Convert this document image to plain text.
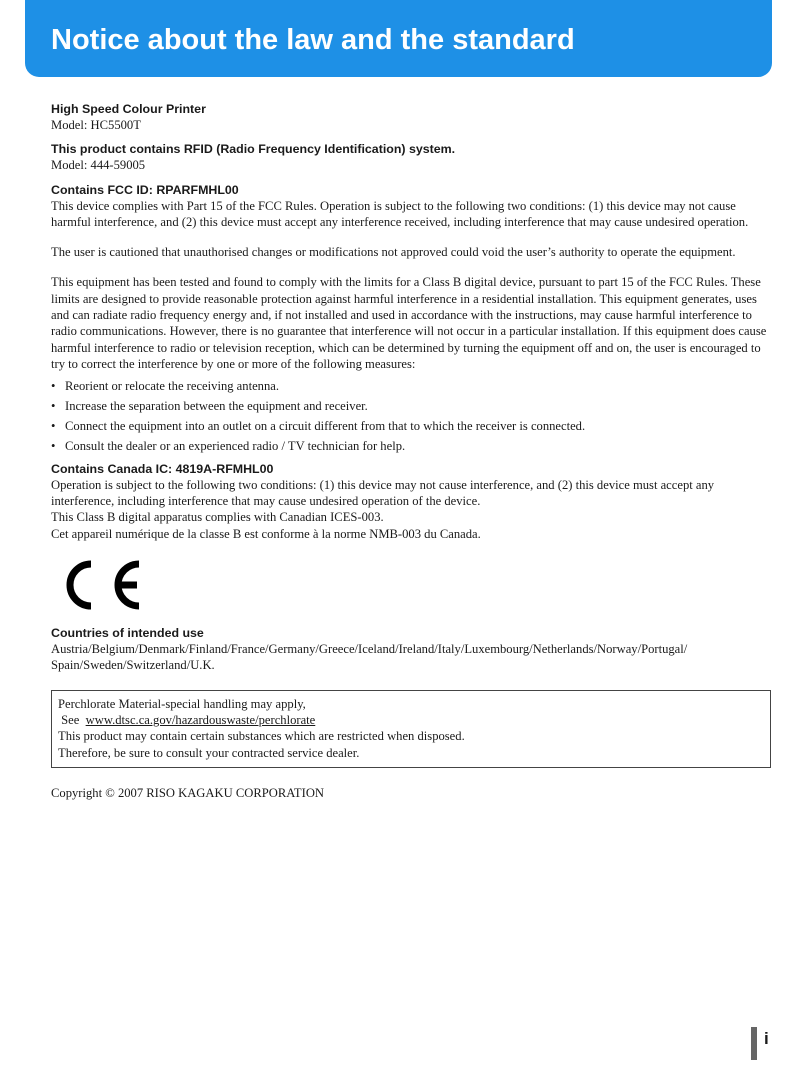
Notice about the law and the standard

High Speed Colour Printer

Model: HC5500T

This product contains RFID (Radio Frequency Identification) system.

Model: 444-59005

Contains FCC ID: RPARFMHL00

This device complies with Part 15 of the FCC Rules. Operation is subject to the following two conditions: (1) this device may not cause harmful interference, and (2) this device must accept any interference received, including interference that may cause undesired operation.

The user is cautioned that unauthorised changes or modifications not approved could void the user’s authority to operate the equipment.

This equipment has been tested and found to comply with the limits for a Class B digital device, pursuant to part 15 of the FCC Rules. These limits are designed to provide reasonable protection against harmful interference in a residential installation. This equipment generates, uses and can radiate radio frequency energy and, if not installed and used in accordance with the instructions, may cause harmful interference to radio communications. However, there is no guarantee that interference will not occur in a particular installation. If this equipment does cause harmful interference to radio or television reception, which can be determined by turning the equipment off and on, the user is encouraged to try to correct the interference by one or more of the following measures:

• Reorient or relocate the receiving antenna.
• Increase the separation between the equipment and receiver.
• Connect the equipment into an outlet on a circuit different from that to which the receiver is connected.
• Consult the dealer or an experienced radio / TV technician for help.

Contains Canada IC: 4819A-RFMHL00

Operation is subject to the following two conditions: (1) this device may not cause interference, and (2) this device must accept any interference, including interference that may cause undesired operation of the device.

This Class B digital apparatus complies with Canadian ICES-003.

Cet appareil numérique de la classe B est conforme à la norme NMB-003 du Canada.

Countries of intended use

Austria/Belgium/Denmark/Finland/France/Germany/Greece/Iceland/Ireland/Italy/Luxembourg/Netherlands/Norway/Portugal/ Spain/Sweden/Switzerland/U.K.

Perchlorate Material-special handling may apply,

See www.dtsc.ca.gov/hazardouswaste/perchlorate

This product may contain certain substances which are restricted when disposed.

Therefore, be sure to consult your contracted service dealer.

Copyright © 2007 RISO KAGAKU CORPORATION

i
